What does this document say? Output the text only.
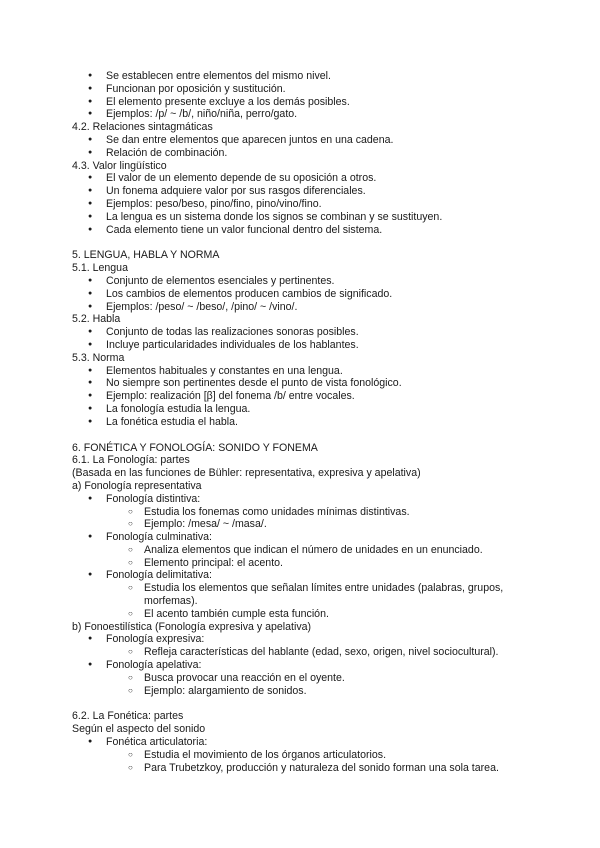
● Se establecen entre elementos del mismo nivel.
● Funcionan por oposición y sustitución.
● El elemento presente excluye a los demás posibles.
● Ejemplos: /p/ ~ /b/, niño/niña, perro/gato.
4.2. Relaciones sintagmáticas
● Se dan entre elementos que aparecen juntos en una cadena.
● Relación de combinación.
4.3. Valor lingüístico
● El valor de un elemento depende de su oposición a otros.
● Un fonema adquiere valor por sus rasgos diferenciales.
● Ejemplos: peso/beso, pino/fino, pino/vino/fino.
● La lengua es un sistema donde los signos se combinan y se sustituyen.
● Cada elemento tiene un valor funcional dentro del sistema.
5. LENGUA, HABLA Y NORMA
5.1. Lengua
● Conjunto de elementos esenciales y pertinentes.
● Los cambios de elementos producen cambios de significado.
● Ejemplos: /peso/ ~ /beso/, /pino/ ~ /vino/.
5.2. Habla
● Conjunto de todas las realizaciones sonoras posibles.
● Incluye particularidades individuales de los hablantes.
5.3. Norma
● Elementos habituales y constantes en una lengua.
● No siempre son pertinentes desde el punto de vista fonológico.
● Ejemplo: realización [β] del fonema /b/ entre vocales.
● La fonología estudia la lengua.
● La fonética estudia el habla.
6. FONÉTICA Y FONOLOGÍA: SONIDO Y FONEMA
6.1. La Fonología: partes
(Basada en las funciones de Bühler: representativa, expresiva y apelativa)
a) Fonología representativa
● Fonología distintiva:
○ Estudia los fonemas como unidades mínimas distintivas.
○ Ejemplo: /mesa/ ~ /masa/.
● Fonología culminativa:
○ Analiza elementos que indican el número de unidades en un enunciado.
○ Elemento principal: el acento.
● Fonología delimitativa:
○ Estudia los elementos que señalan límites entre unidades (palabras, grupos, morfemas).
○ El acento también cumple esta función.
b) Fonoestilística (Fonología expresiva y apelativa)
● Fonología expresiva:
○ Refleja características del hablante (edad, sexo, origen, nivel sociocultural).
● Fonología apelativa:
○ Busca provocar una reacción en el oyente.
○ Ejemplo: alargamiento de sonidos.
6.2. La Fonética: partes
Según el aspecto del sonido
● Fonética articulatoria:
○ Estudia el movimiento de los órganos articulatorios.
○ Para Trubetzkoy, producción y naturaleza del sonido forman una sola tarea.
